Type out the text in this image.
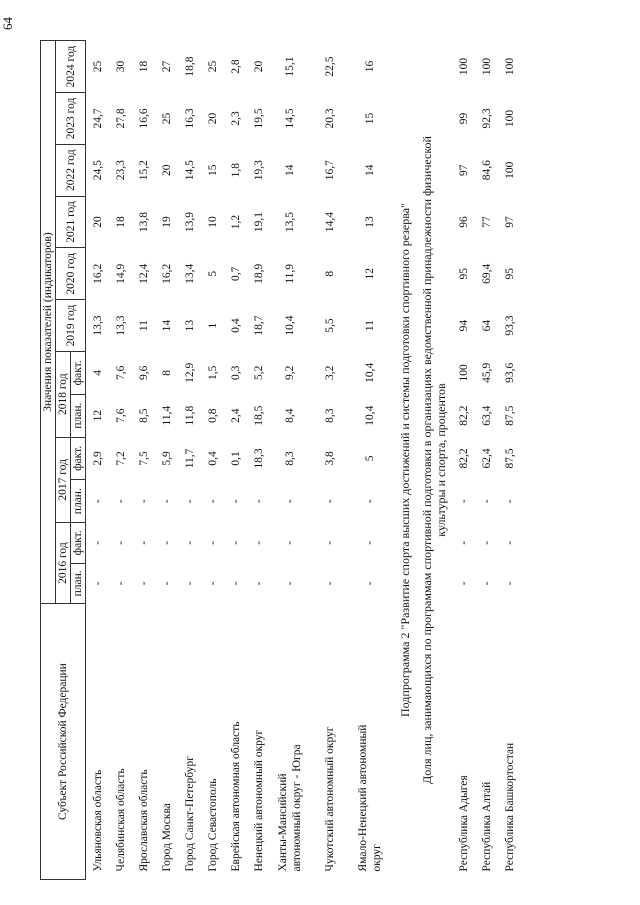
64
Субъект Российской Федерации	Значения показателей (индикаторов)											
	2016 год		2017 год		2018 год		2019 год	2020 год	2021 год	2022 год	2023 год	2024 год
	план.	факт.	план.	факт.	план.	факт.						
Ульяновская область	-	-	-	2,9	12	4	13,3	16,2	20	24,5	24,7	25
Челябинская область	-	-	-	7,2	7,6	7,6	13,3	14,9	18	23,3	27,8	30
Ярославская область	-	-	-	7,5	8,5	9,6	11	12,4	13,8	15,2	16,6	18
Город Москва	-	-	-	5,9	11,4	8	14	16,2	19	20	25	27
Город Санкт-Петербург	-	-	-	11,7	11,8	12,9	13	13,4	13,9	14,5	16,3	18,8
Город Севастополь	-	-	-	0,4	0,8	1,5	1	5	10	15	20	25
Еврейская автономная область	-	-	-	0,1	2,4	0,3	0,4	0,7	1,2	1,8	2,3	2,8
Ненецкий автономный округ	-	-	-	18,3	18,5	5,2	18,7	18,9	19,1	19,3	19,5	20

Ханты-Мансийский автономный округ - Югра	-	-	-	8,3	8,4	9,2	10,4	11,9	13,5	14	14,5	15,1

Чукотский автономный округ	-	-	-	3,8	8,3	3,2	5,5	8	14,4	16,7	20,3	22,5

Ямало-Ненецкий автономный округ	-	-	-	5	10,4	10,4	11	12	13	14	15	16
Подпрограмма 2 "Развитие спорта высших достижений и системы подготовки спортивного резерва"												

Доля лиц, занимающихся по программам спортивной подготовки в организациях ведомственной принадлежности физической культуры и спорта, процентов												

Республика Адыгея	-	-	-	82,2	82,2	100	94	95	96	97	99	100
Республика Алтай	-	-	-	62,4	63,4	45,9	64	69,4	77	84,6	92,3	100
Республика Башкортостан	-	-	-	87,5	87,5	93,6	93,3	95	97	100	100	100
